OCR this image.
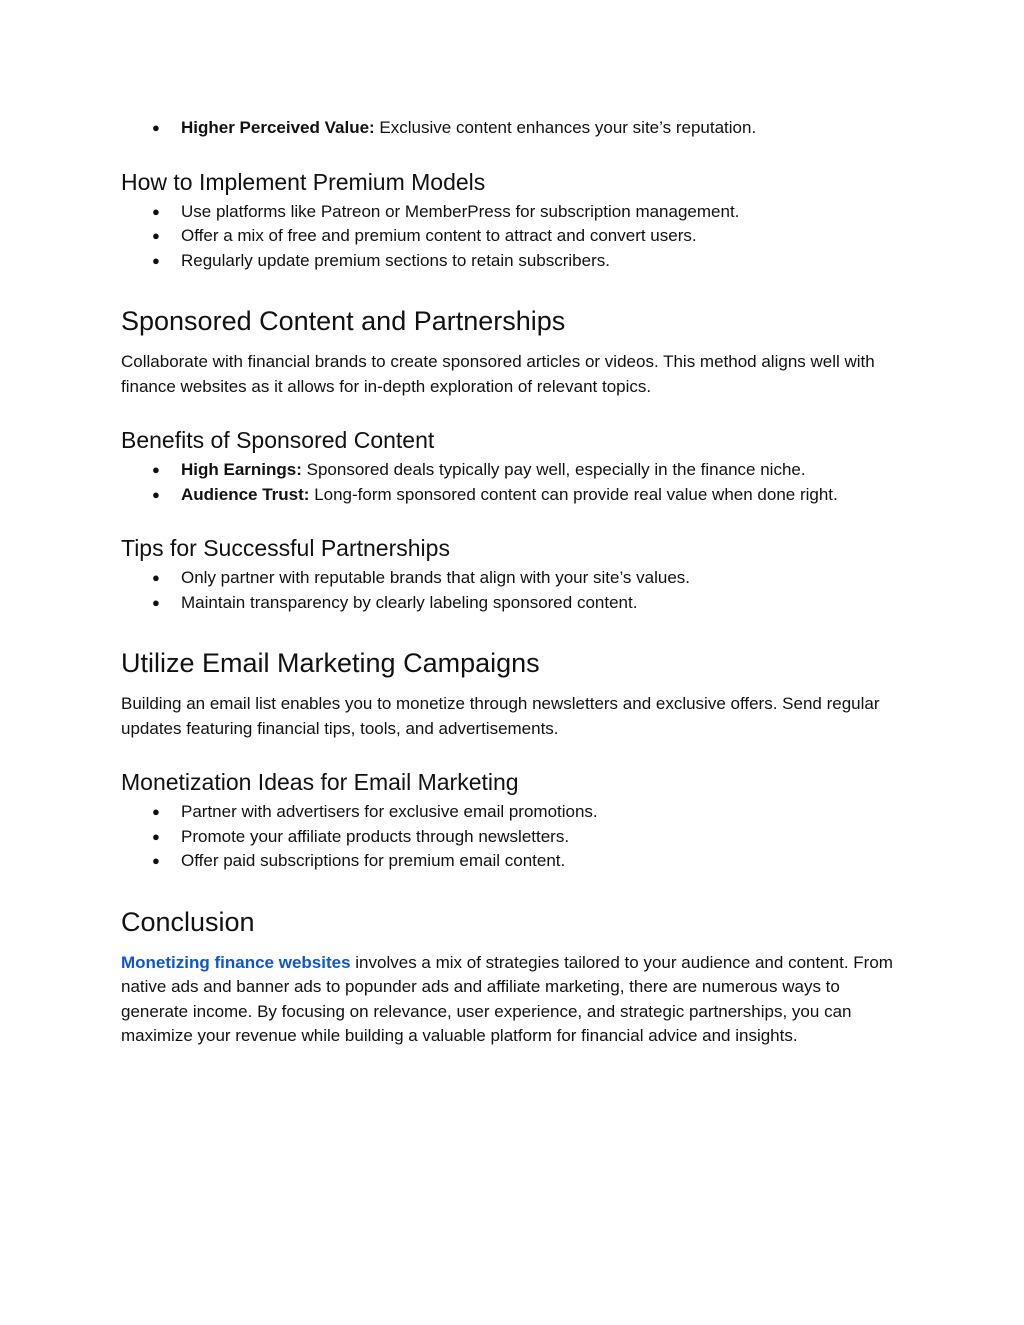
● Higher Perceived Value: Exclusive content enhances your site’s reputation.
How to Implement Premium Models
● Use platforms like Patreon or MemberPress for subscription management.
● Offer a mix of free and premium content to attract and convert users.
● Regularly update premium sections to retain subscribers.
Sponsored Content and Partnerships

Collaborate with financial brands to create sponsored articles or videos. This method aligns well with finance websites as it allows for in-depth exploration of relevant topics.

Benefits of Sponsored Content
● High Earnings: Sponsored deals typically pay well, especially in the finance niche.
● Audience Trust: Long-form sponsored content can provide real value when done right.
Tips for Successful Partnerships
● Only partner with reputable brands that align with your site’s values.
● Maintain transparency by clearly labeling sponsored content.
Utilize Email Marketing Campaigns

Building an email list enables you to monetize through newsletters and exclusive offers. Send regular updates featuring financial tips, tools, and advertisements.

Monetization Ideas for Email Marketing
● Partner with advertisers for exclusive email promotions.
● Promote your affiliate products through newsletters.
● Offer paid subscriptions for premium email content.
Conclusion

Monetizing finance websites involves a mix of strategies tailored to your audience and content. From native ads and banner ads to popunder ads and affiliate marketing, there are numerous ways to generate income. By focusing on relevance, user experience, and strategic partnerships, you can maximize your revenue while building a valuable platform for financial advice and insights.
